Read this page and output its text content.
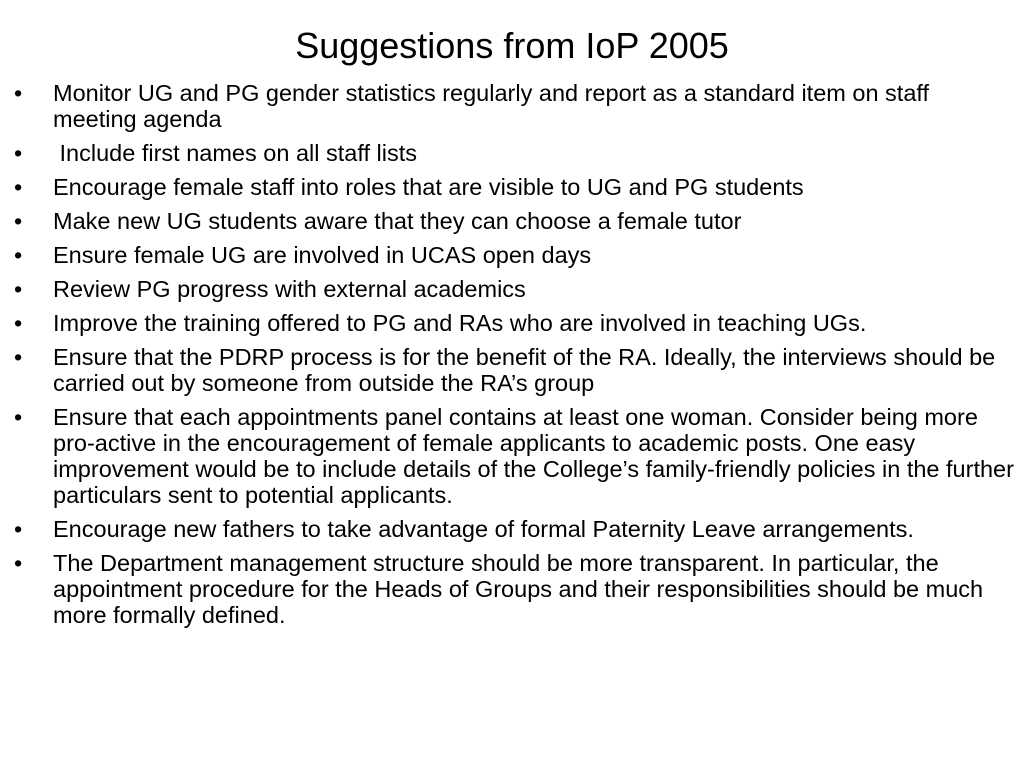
Suggestions from IoP 2005
•	Monitor UG and PG gender statistics regularly and report as a standard item on staff meeting agenda
•	Include first names on all staff lists
•	Encourage female staff into roles that are visible to UG and PG students
•	Make new UG students aware that they can choose a female tutor
•	Ensure female UG are involved in UCAS open days
•	Review PG progress with external academics
•	Improve the training offered to PG and RAs who are involved in teaching UGs.
•	Ensure that the PDRP process is for the benefit of the RA. Ideally, the interviews should be carried out by someone from outside the RA’s group
•	Ensure that each appointments panel contains at least one woman. Consider being more pro-active in the encouragement of female applicants to academic posts. One easy improvement would be to include details of the College’s family-friendly policies in the further particulars sent to potential applicants.
•	Encourage new fathers to take advantage of formal Paternity Leave arrangements.
•	The Department management structure should be more transparent. In particular, the appointment procedure for the Heads of Groups and their responsibilities should be much more formally defined.
